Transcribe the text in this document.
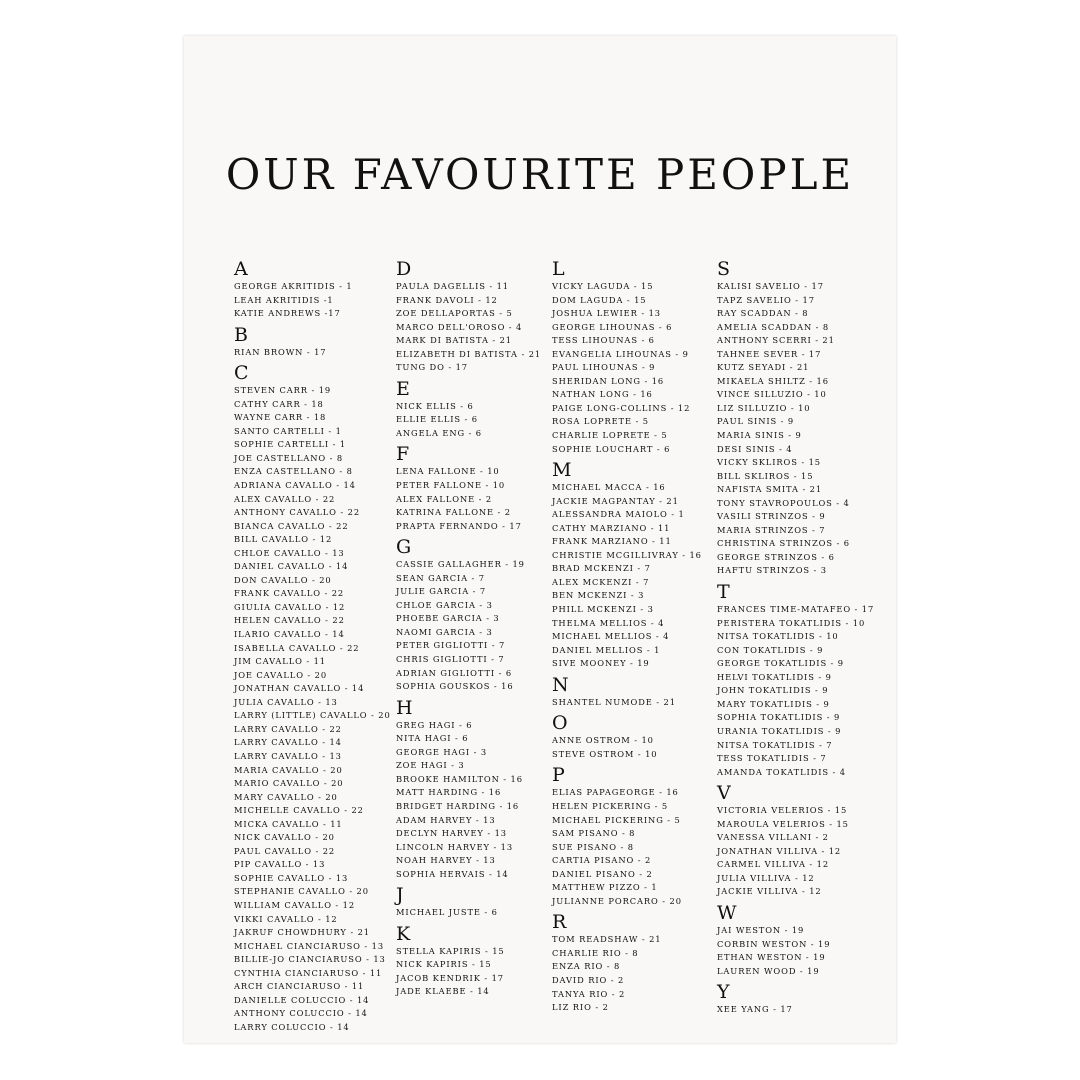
OUR FAVOURITE PEOPLE
A
GEORGE AKRITIDIS - 1
LEAH AKRITIDIS -1
KATIE ANDREWS -17
B
RIAN BROWN - 17
C
STEVEN CARR - 19
CATHY CARR - 18
WAYNE CARR - 18
SANTO CARTELLI - 1
SOPHIE CARTELLI - 1
JOE CASTELLANO - 8
ENZA CASTELLANO - 8
ADRIANA CAVALLO - 14
ALEX CAVALLO - 22
ANTHONY CAVALLO - 22
BIANCA CAVALLO - 22
BILL CAVALLO - 12
CHLOE CAVALLO - 13
DANIEL CAVALLO - 14
DON CAVALLO - 20
FRANK CAVALLO - 22
GIULIA CAVALLO - 12
HELEN CAVALLO - 22
ILARIO CAVALLO - 14
ISABELLA CAVALLO - 22
JIM CAVALLO - 11
JOE CAVALLO - 20
JONATHAN CAVALLO - 14
JULIA CAVALLO - 13
LARRY (LITTLE) CAVALLO - 20
LARRY CAVALLO - 22
LARRY CAVALLO - 14
LARRY CAVALLO - 13
MARIA CAVALLO - 20
MARIO CAVALLO - 20
MARY CAVALLO - 20
MICHELLE CAVALLO - 22
MICKA CAVALLO - 11
NICK CAVALLO - 20
PAUL CAVALLO - 22
PIP CAVALLO - 13
SOPHIE CAVALLO - 13
STEPHANIE CAVALLO - 20
WILLIAM CAVALLO - 12
VIKKI CAVALLO - 12
JAKRUF CHOWDHURY - 21
MICHAEL CIANCIARUSO - 13
BILLIE-JO CIANCIARUSO - 13
CYNTHIA CIANCIARUSO - 11
ARCH CIANCIARUSO - 11
DANIELLE COLUCCIO - 14
ANTHONY COLUCCIO - 14
LARRY COLUCCIO - 14
D
PAULA DAGELLIS - 11
FRANK DAVOLI - 12
ZOE DELLAPORTAS - 5
MARCO DELL'OROSO - 4
MARK DI BATISTA - 21
ELIZABETH DI BATISTA - 21
TUNG DO - 17
E
NICK ELLIS - 6
ELLIE ELLIS - 6
ANGELA ENG - 6
F
LENA FALLONE - 10
PETER FALLONE - 10
ALEX FALLONE - 2
KATRINA FALLONE - 2
PRAPTA FERNANDO - 17
G
CASSIE GALLAGHER - 19
SEAN GARCIA - 7
JULIE GARCIA - 7
CHLOE GARCIA - 3
PHOEBE GARCIA - 3
NAOMI GARCIA - 3
PETER GIGLIOTTI - 7
CHRIS GIGLIOTTI - 7
ADRIAN GIGLIOTTI - 6
SOPHIA GOUSKOS - 16
H
GREG HAGI - 6
NITA HAGI - 6
GEORGE HAGI - 3
ZOE HAGI - 3
BROOKE HAMILTON - 16
MATT HARDING - 16
BRIDGET HARDING - 16
ADAM HARVEY - 13
DECLYN HARVEY - 13
LINCOLN HARVEY - 13
NOAH HARVEY - 13
SOPHIA HERVAIS - 14
J
MICHAEL JUSTE - 6
K
STELLA KAPIRIS - 15
NICK KAPIRIS - 15
JACOB KENDRIK - 17
JADE KLAEBE - 14
L
VICKY LAGUDA - 15
DOM LAGUDA - 15
JOSHUA LEWIER - 13
GEORGE LIHOUNAS - 6
TESS LIHOUNAS - 6
EVANGELIA LIHOUNAS - 9
PAUL LIHOUNAS - 9
SHERIDAN LONG - 16
NATHAN LONG - 16
PAIGE LONG-COLLINS - 12
ROSA LOPRETE - 5
CHARLIE LOPRETE - 5
SOPHIE LOUCHART - 6
M
MICHAEL MACCA - 16
JACKIE MAGPANTAY - 21
ALESSANDRA MAIOLO - 1
CATHY MARZIANO - 11
FRANK MARZIANO - 11
CHRISTIE MCGILLIVRAY - 16
BRAD MCKENZI - 7
ALEX MCKENZI - 7
BEN MCKENZI - 3
PHILL MCKENZI - 3
THELMA MELLIOS - 4
MICHAEL MELLIOS - 4
DANIEL MELLIOS - 1
SIVE MOONEY - 19
N
SHANTEL NUMODE - 21
O
ANNE OSTROM - 10
STEVE OSTROM - 10
P
ELIAS PAPAGEORGE - 16
HELEN PICKERING - 5
MICHAEL PICKERING - 5
SAM PISANO - 8
SUE PISANO - 8
CARTIA PISANO - 2
DANIEL PISANO - 2
MATTHEW PIZZO - 1
JULIANNE PORCARO - 20
R
TOM READSHAW - 21
CHARLIE RIO - 8
ENZA RIO - 8
DAVID RIO - 2
TANYA RIO - 2
LIZ RIO - 2
S
KALISI SAVELIO - 17
TAPZ SAVELIO - 17
RAY SCADDAN - 8
AMELIA SCADDAN - 8
ANTHONY SCERRI - 21
TAHNEE SEVER - 17
KUTZ SEYADI - 21
MIKAELA SHILTZ - 16
VINCE SILLUZIO - 10
LIZ SILLUZIO - 10
PAUL SINIS - 9
MARIA SINIS - 9
DESI SINIS - 4
VICKY SKLIROS - 15
BILL SKLIROS - 15
NAFISTA SMITA - 21
TONY STAVROPOULOS - 4
VASILI STRINZOS - 9
MARIA STRINZOS - 7
CHRISTINA STRINZOS - 6
GEORGE STRINZOS - 6
HAFTU STRINZOS - 3
T
FRANCES TIME-MATAFEO - 17
PERISTERA TOKATLIDIS - 10
NITSA TOKATLIDIS - 10
CON TOKATLIDIS - 9
GEORGE TOKATLIDIS - 9
HELVI TOKATLIDIS - 9
JOHN TOKATLIDIS - 9
MARY TOKATLIDIS - 9
SOPHIA TOKATLIDIS - 9
URANIA TOKATLIDIS - 9
NITSA TOKATLIDIS - 7
TESS TOKATLIDIS - 7
AMANDA TOKATLIDIS - 4
V
VICTORIA VELERIOS - 15
MAROULA VELERIOS - 15
VANESSA VILLANI - 2
JONATHAN VILLIVA - 12
CARMEL VILLIVA - 12
JULIA VILLIVA - 12
JACKIE VILLIVA - 12
W
JAI WESTON - 19
CORBIN WESTON - 19
ETHAN WESTON - 19
LAUREN WOOD - 19
Y
XEE YANG - 17
